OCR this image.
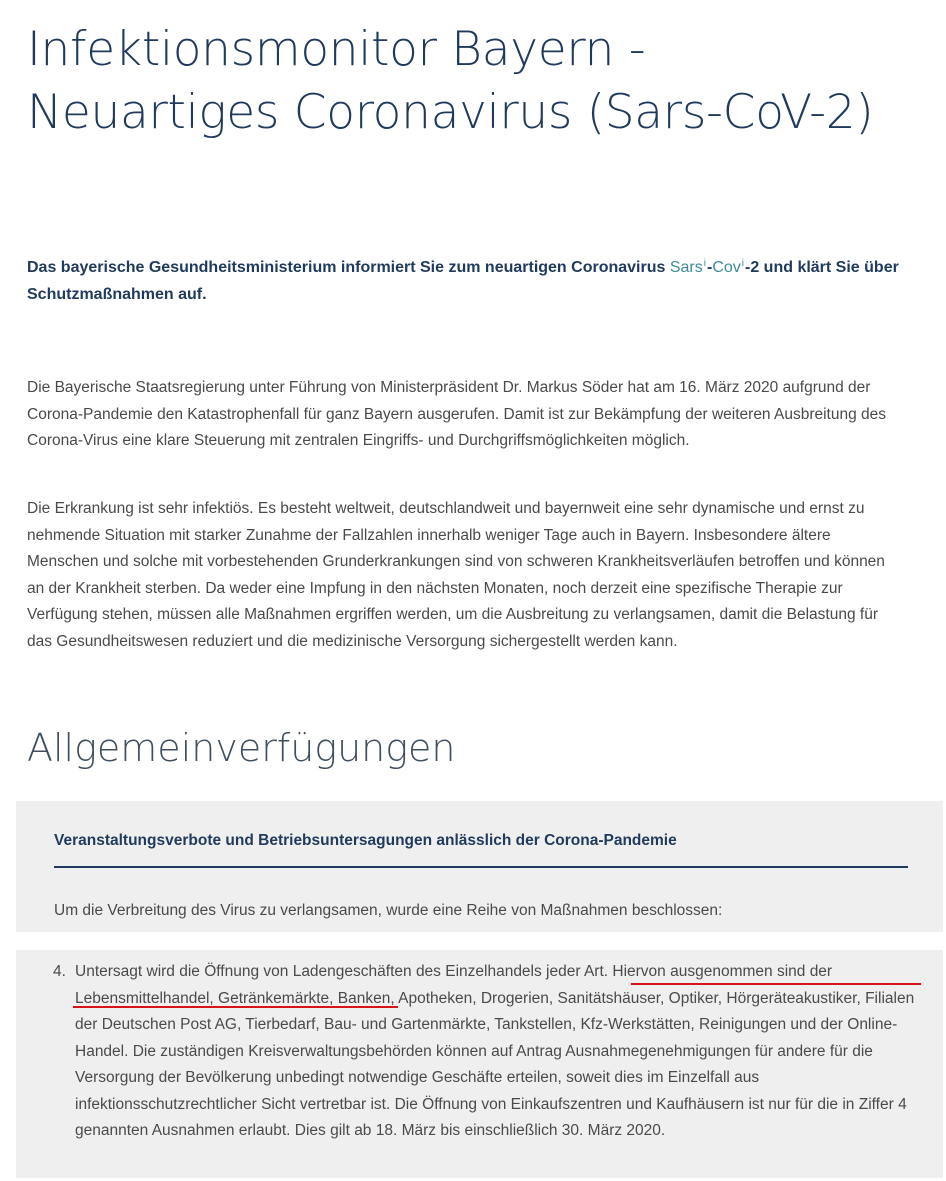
Infektionsmonitor Bayern - Neuartiges Coronavirus (Sars-CoV-2)

Das bayerische Gesundheitsministerium informiert Sie zum neuartigen Coronavirus Sars$^i$-Cov$^i$-2 und klärt Sie über Schutzmaßnahmen auf.

Die Bayerische Staatsregierung unter Führung von Ministerpräsident Dr. Markus Söder hat am 16. März 2020 aufgrund der Corona-Pandemie den Katastrophenfall für ganz Bayern ausgerufen. Damit ist zur Bekämpfung der weiteren Ausbreitung des Corona-Virus eine klare Steuerung mit zentralen Eingriffs- und Durchgriffsmöglichkeiten möglich.

Die Erkrankung ist sehr infektiös. Es besteht weltweit, deutschlandweit und bayernweit eine sehr dynamische und ernst zu nehmende Situation mit starker Zunahme der Fallzahlen innerhalb weniger Tage auch in Bayern. Insbesondere ältere Menschen und solche mit vorbestehenden Grunderkrankungen sind von schweren Krankheitsverläufen betroffen und können an der Krankheit sterben. Da weder eine Impfung in den nächsten Monaten, noch derzeit eine spezifische Therapie zur Verfügung stehen, müssen alle Maßnahmen ergriffen werden, um die Ausbreitung zu verlangsamen, damit die Belastung für das Gesundheitswesen reduziert und die medizinische Versorgung sichergestellt werden kann.

Allgemeinverfügungen
Veranstaltungsverbote und Betriebsuntersagungen anlässlich der Corona-Pandemie

Um die Verbreitung des Virus zu verlangsamen, wurde eine Reihe von Maßnahmen beschlossen:

4. Untersagt wird die Öffnung von Ladengeschäften des Einzelhandels jeder Art. Hiervon ausgenommen sind der Lebensmittelhandel, Getränkemärkte, Banken, Apotheken, Drogerien, Sanitätshäuser, Optiker, Hörgeräteakustiker, Filialen der Deutschen Post AG, Tierbedarf, Bau- und Gartenmärkte, Tankstellen, Kfz-Werkstätten, Reinigungen und der Online-Handel. Die zuständigen Kreisverwaltungsbehörden können auf Antrag Ausnahmegenehmigungen für andere für die Versorgung der Bevölkerung unbedingt notwendige Geschäfte erteilen, soweit dies im Einzelfall aus infektionsschutzrechtlicher Sicht vertretbar ist. Die Öffnung von Einkaufszentren und Kaufhäusern ist nur für die in Ziffer 4 genannten Ausnahmen erlaubt. Dies gilt ab 18. März bis einschließlich 30. März 2020.
